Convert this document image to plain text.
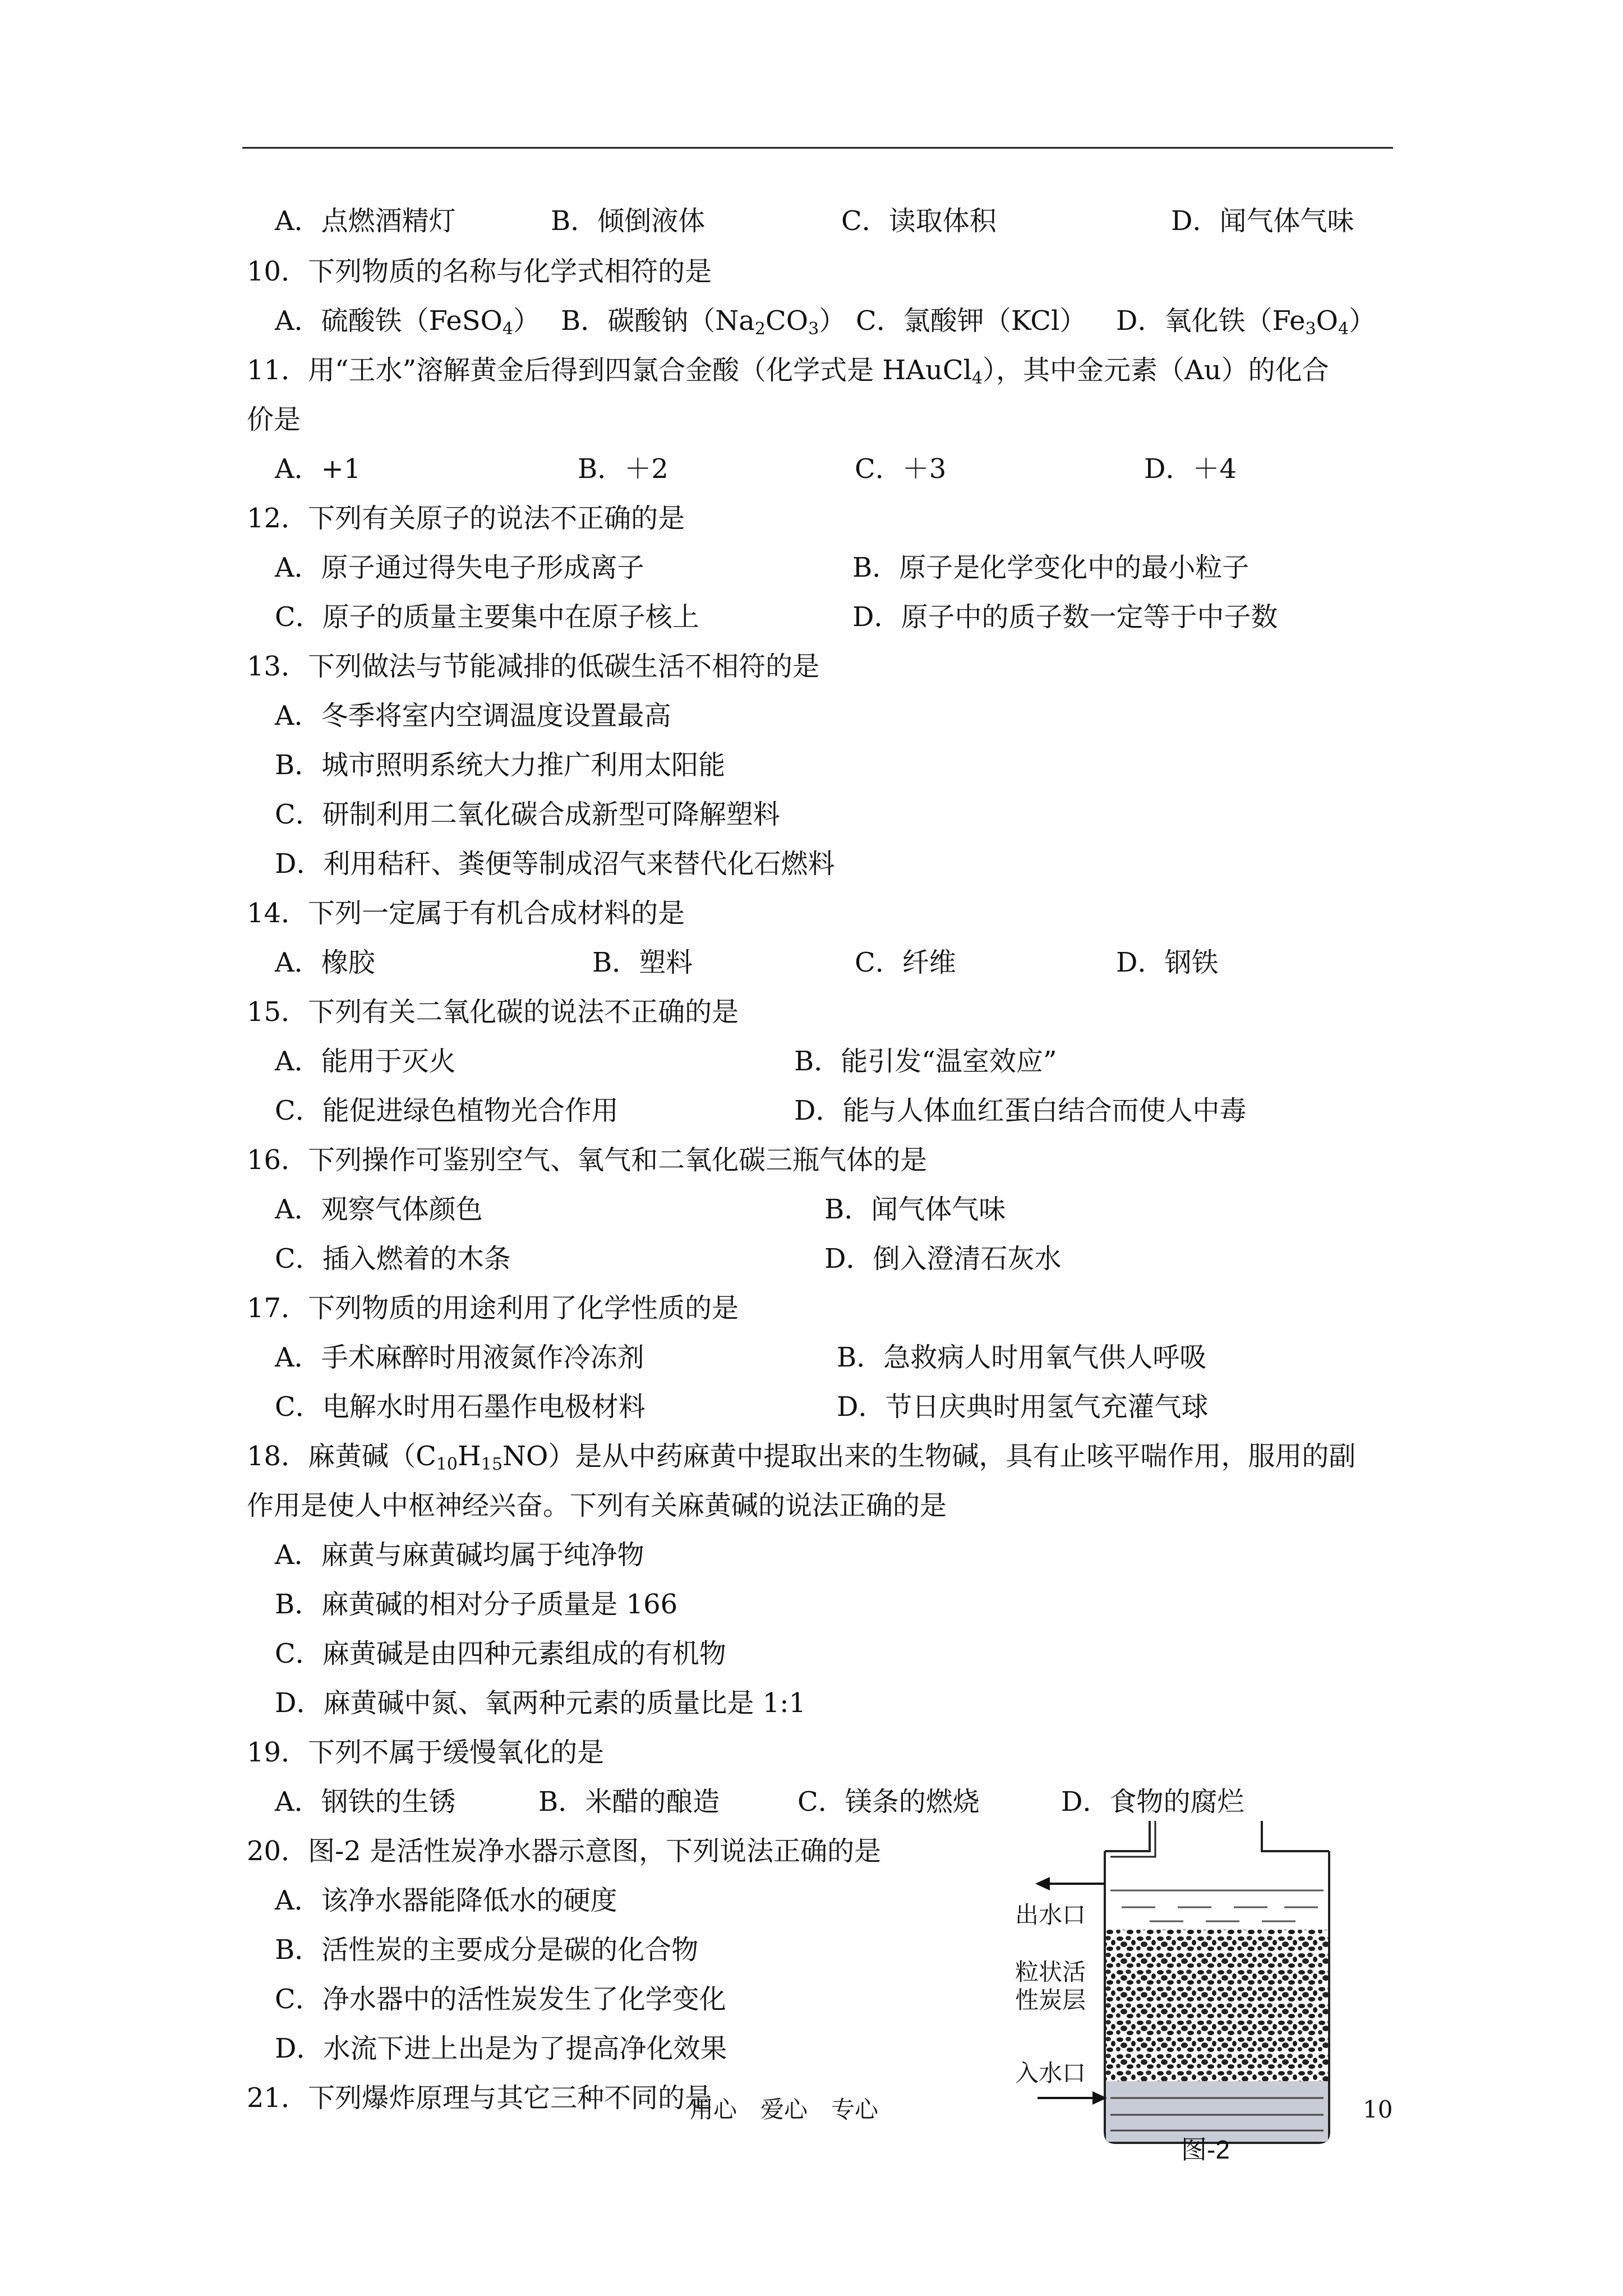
A．点燃酒精灯	B．倾倒液体	C．读取体积	D．闻气体气味
10．下列物质的名称与化学式相符的是
A．硫酸铁（FeSO$_4$） B．碳酸钠$(Na_2CO_3)$ C．氯酸钾（KCl） D．氧化铁$(Fe_3O_4)$
11．用“王水”溶解黄金后得到四氯合金酸（化学式是 HAuCl$_4$），其中金元素（Au）的化合
价是
A．+1	B．＋2	C．＋3	D．＋4
12．下列有关原子的说法不正确的是
A．原子通过得失电子形成离子	B．原子是化学变化中的最小粒子
C．原子的质量主要集中在原子核上	D．原子中的质子数一定等于中子数
13．下列做法与节能减排的低碳生活不相符的是
A．冬季将室内空调温度设置最高
B．城市照明系统大力推广利用太阳能
C．研制利用二氧化碳合成新型可降解塑料
D．利用秸秆、粪便等制成沼气来替代化石燃料
14．下列一定属于有机合成材料的是
A．橡胶	B．塑料	C．纤维	D．钢铁
15．下列有关二氧化碳的说法不正确的是
A．能用于灭火	B．能引发“温室效应”
C．能促进绿色植物光合作用	D．能与人体血红蛋白结合而使人中毒
16．下列操作可鉴别空气、氧气和二氧化碳三瓶气体的是
A．观察气体颜色	B．闻气体气味
C．插入燃着的木条	D．倒入澄清石灰水
17．下列物质的用途利用了化学性质的是
A．手术麻醉时用液氮作冷冻剂	B．急救病人时用氧气供人呼吸
C．电解水时用石墨作电极材料	D．节日庆典时用氢气充灌气球
18．麻黄碱$(C_{10}H_{15}NO)$是从中药麻黄中提取出来的生物碱，具有止咳平喘作用，服用的副
作用是使人中枢神经兴奋。下列有关麻黄碱的说法正确的是
A．麻黄与麻黄碱均属于纯净物
B．麻黄碱的相对分子质量是 166
C．麻黄碱是由四种元素组成的有机物
D．麻黄碱中氮、氧两种元素的质量比是 1:1
19．下列不属于缓慢氧化的是
A．钢铁的生锈	B．米醋的酿造	C．镁条的燃烧	D．食物的腐烂
20．图-2 是活性炭净水器示意图，下列说法正确的是
A．该净水器能降低水的硬度
B．活性炭的主要成分是碳的化合物
C．净水器中的活性炭发生了化学变化
D．水流下进上出是为了提高净化效果
21．下列爆炸原理与其它三种不同的是
出水口
粒状活
性炭层
入水口
图-2
用心　爱心　专心	10
